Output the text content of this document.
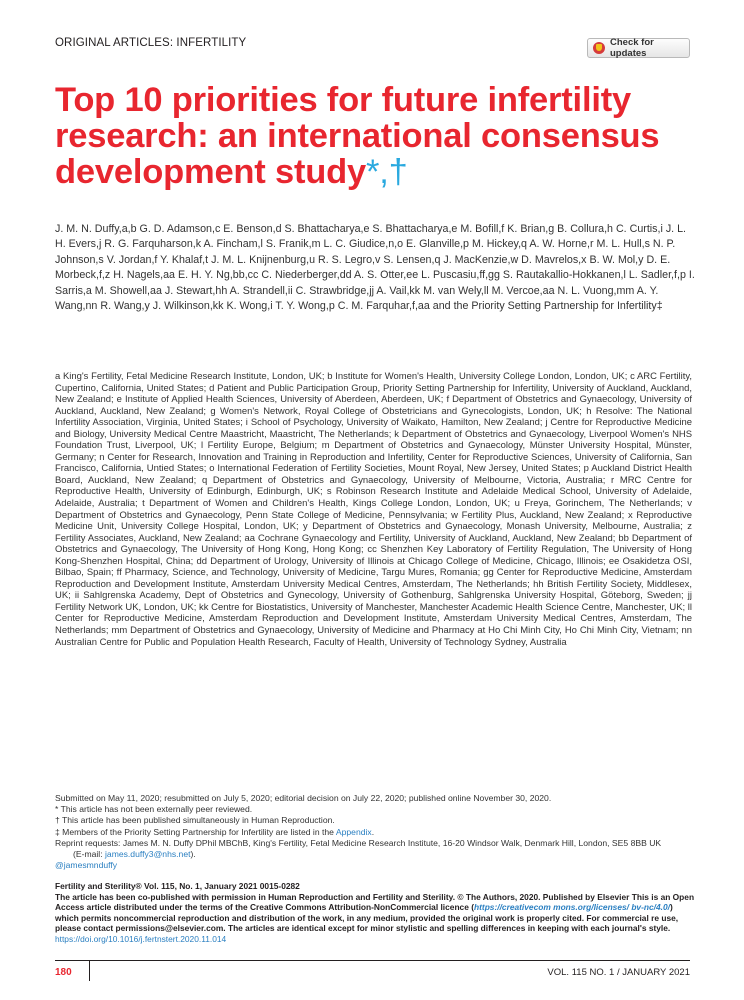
ORIGINAL ARTICLES: INFERTILITY	Check for updates
Top 10 priorities for future infertility research: an international consensus development study*,†
J. M. N. Duffy,a,b G. D. Adamson,c E. Benson,d S. Bhattacharya,e S. Bhattacharya,e M. Bofill,f K. Brian,g B. Collura,h C. Curtis,i J. L. H. Evers,j R. G. Farquharson,k A. Fincham,l S. Franik,m L. C. Giudice,n,o E. Glanville,p M. Hickey,q A. W. Horne,r M. L. Hull,s N. P. Johnson,s V. Jordan,f Y. Khalaf,t J. M. L. Knijnenburg,u R. S. Legro,v S. Lensen,q J. MacKenzie,w D. Mavrelos,x B. W. Mol,y D. E. Morbeck,f,z H. Nagels,aa E. H. Y. Ng,bb,cc C. Niederberger,dd A. S. Otter,ee L. Puscasiu,ff,gg S. Rautakallio-Hokkanen,l L. Sadler,f,p I. Sarris,a M. Showell,aa J. Stewart,hh A. Strandell,ii C. Strawbridge,jj A. Vail,kk M. van Wely,ll M. Vercoe,aa N. L. Vuong,mm A. Y. Wang,nn R. Wang,y J. Wilkinson,kk K. Wong,i T. Y. Wong,p C. M. Farquhar,f,aa and the Priority Setting Partnership for Infertility‡
a King's Fertility, Fetal Medicine Research Institute, London, UK; b Institute for Women's Health, University College London, London, UK; c ARC Fertility, Cupertino, California, United States; d Patient and Public Participation Group, Priority Setting Partnership for Infertility, University of Auckland, Auckland, New Zealand; e Institute of Applied Health Sciences, University of Aberdeen, Aberdeen, UK; f Department of Obstetrics and Gynaecology, University of Auckland, Auckland, New Zealand; g Women's Network, Royal College of Obstetricians and Gynecologists, London, UK; h Resolve: The National Infertility Association, Virginia, United States; i School of Psychology, University of Waikato, Hamilton, New Zealand; j Centre for Reproductive Medicine and Biology, University Medical Centre Maastricht, Maastricht, The Netherlands; k Department of Obstetrics and Gynaecology, Liverpool Women's NHS Foundation Trust, Liverpool, UK; l Fertility Europe, Belgium; m Department of Obstetrics and Gynaecology, Münster University Hospital, Münster, Germany; n Center for Research, Innovation and Training in Reproduction and Infertility, Center for Reproductive Sciences, University of California, San Francisco, California, Untied States; o International Federation of Fertility Societies, Mount Royal, New Jersey, United States; p Auckland District Health Board, Auckland, New Zealand; q Department of Obstetrics and Gynaecology, University of Melbourne, Victoria, Australia; r MRC Centre for Reproductive Health, University of Edinburgh, Edinburgh, UK; s Robinson Research Institute and Adelaide Medical School, University of Adelaide, Adelaide, Australia; t Department of Women and Children's Health, Kings College London, London, UK; u Freya, Gorinchem, The Netherlands; v Department of Obstetrics and Gynaecology, Penn State College of Medicine, Pennsylvania; w Fertility Plus, Auckland, New Zealand; x Reproductive Medicine Unit, University College Hospital, London, UK; y Department of Obstetrics and Gynaecology, Monash University, Melbourne, Australia; z Fertility Associates, Auckland, New Zealand; aa Cochrane Gynaecology and Fertility, University of Auckland, Auckland, New Zealand; bb Department of Obstetrics and Gynaecology, The University of Hong Kong, Hong Kong; cc Shenzhen Key Laboratory of Fertility Regulation, The University of Hong Kong-Shenzhen Hospital, China; dd Department of Urology, University of Illinois at Chicago College of Medicine, Chicago, Illinois; ee Osakidetza OSI, Bilbao, Spain; ff Pharmacy, Science, and Technology, University of Medicine, Targu Mures, Romania; gg Center for Reproductive Medicine, Amsterdam Reproduction and Development Institute, Amsterdam University Medical Centres, Amsterdam, The Netherlands; hh British Fertility Society, Middlesex, UK; ii Sahlgrenska Academy, Dept of Obstetrics and Gynecology, University of Gothenburg, Sahlgrenska University Hospital, Göteborg, Sweden; jj Fertility Network UK, London, UK; kk Centre for Biostatistics, University of Manchester, Manchester Academic Health Science Centre, Manchester, UK; ll Center for Reproductive Medicine, Amsterdam Reproduction and Development Institute, Amsterdam University Medical Centres, Amsterdam, The Netherlands; mm Department of Obstetrics and Gynaecology, University of Medicine and Pharmacy at Ho Chi Minh City, Ho Chi Minh City, Vietnam; nn Australian Centre for Public and Population Health Research, Faculty of Health, University of Technology Sydney, Australia
Submitted on May 11, 2020; resubmitted on July 5, 2020; editorial decision on July 22, 2020; published online November 30, 2020.
* This article has not been externally peer reviewed.
† This article has been published simultaneously in Human Reproduction.
‡ Members of the Priority Setting Partnership for Infertility are listed in the Appendix.
Reprint requests: James M. N. Duffy DPhil MBChB, King's Fertility, Fetal Medicine Research Institute, 16-20 Windsor Walk, Denmark Hill, London, SE5 8BB UK
(E-mail: james.duffy3@nhs.net).
@jamesmnduffy
Fertility and Sterility® Vol. 115, No. 1, January 2021 0015-0282
The article has been co-published with permission in Human Reproduction and Fertility and Sterility. © The Authors, 2020. Published by Elsevier This is an Open Access article distributed under the terms of the Creative Commons Attribution-NonCommercial licence (https://creativecom mons.org/licenses/ bv-nc/4.0/) which permits noncommercial reproduction and distribution of the work, in any medium, provided the original work is properly cited. For commercial re use, please contact permissions@elsevier.com. The articles are identical except for minor stylistic and spelling differences in keeping with each journal's style.
https://doi.org/10.1016/j.fertnstert.2020.11.014
180	VOL. 115 NO. 1 / JANUARY 2021
